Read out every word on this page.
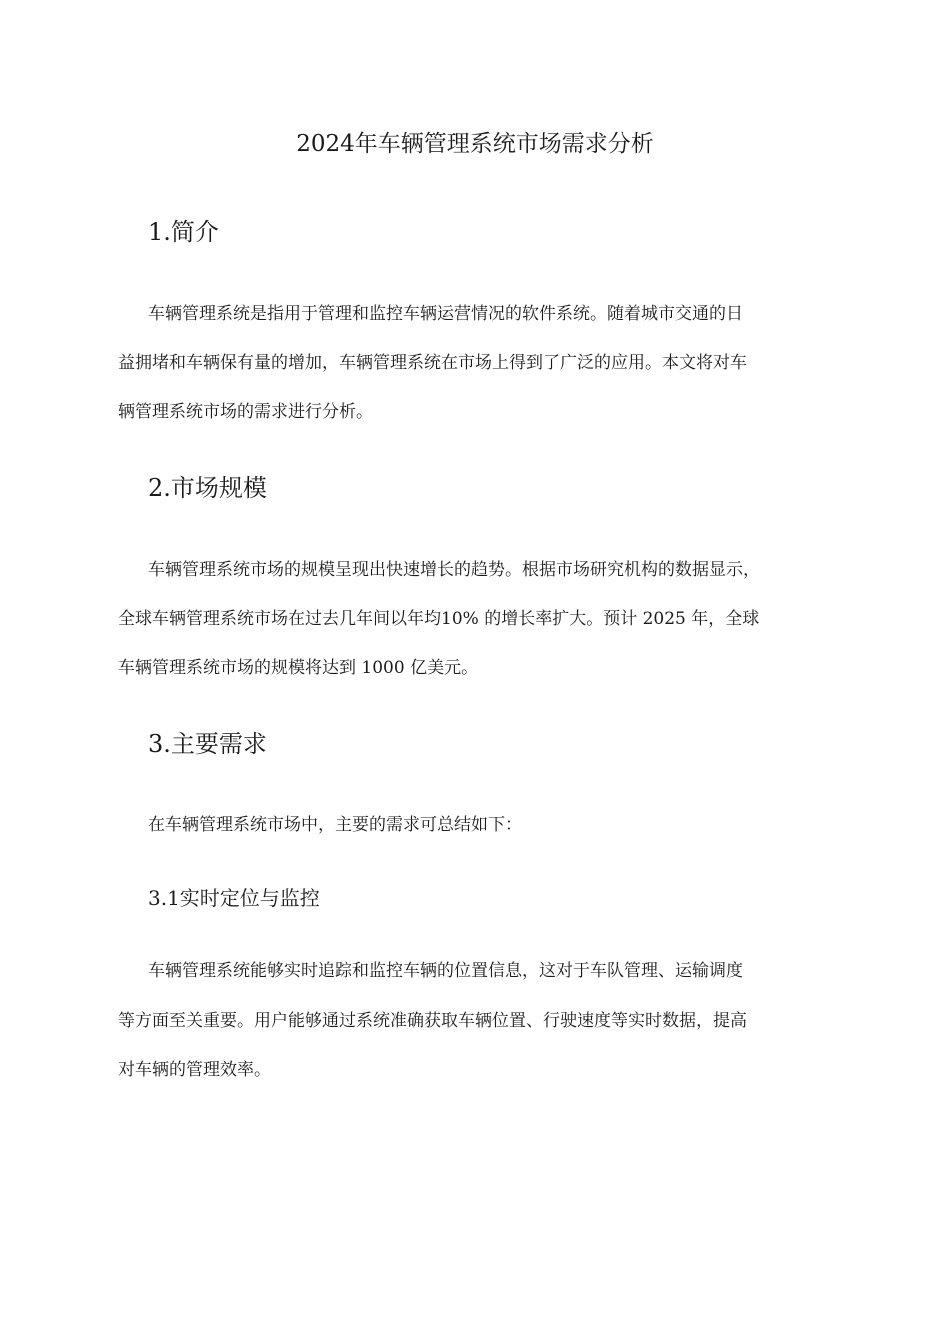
2024年车辆管理系统市场需求分析
1.简介
车辆管理系统是指用于管理和监控车辆运营情况的软件系统。随着城市交通的日
益拥堵和车辆保有量的增加，车辆管理系统在市场上得到了广泛的应用。本文将对车
辆管理系统市场的需求进行分析。
2.市场规模
车辆管理系统市场的规模呈现出快速增长的趋势。根据市场研究机构的数据显示，
全球车辆管理系统市场在过去几年间以年均10% 的增长率扩大。预计 2025 年，全球
车辆管理系统市场的规模将达到 1000 亿美元。
3.主要需求
在车辆管理系统市场中，主要的需求可总结如下：
3.1实时定位与监控
车辆管理系统能够实时追踪和监控车辆的位置信息，这对于车队管理、运输调度
等方面至关重要。用户能够通过系统准确获取车辆位置、行驶速度等实时数据，提高
对车辆的管理效率。
